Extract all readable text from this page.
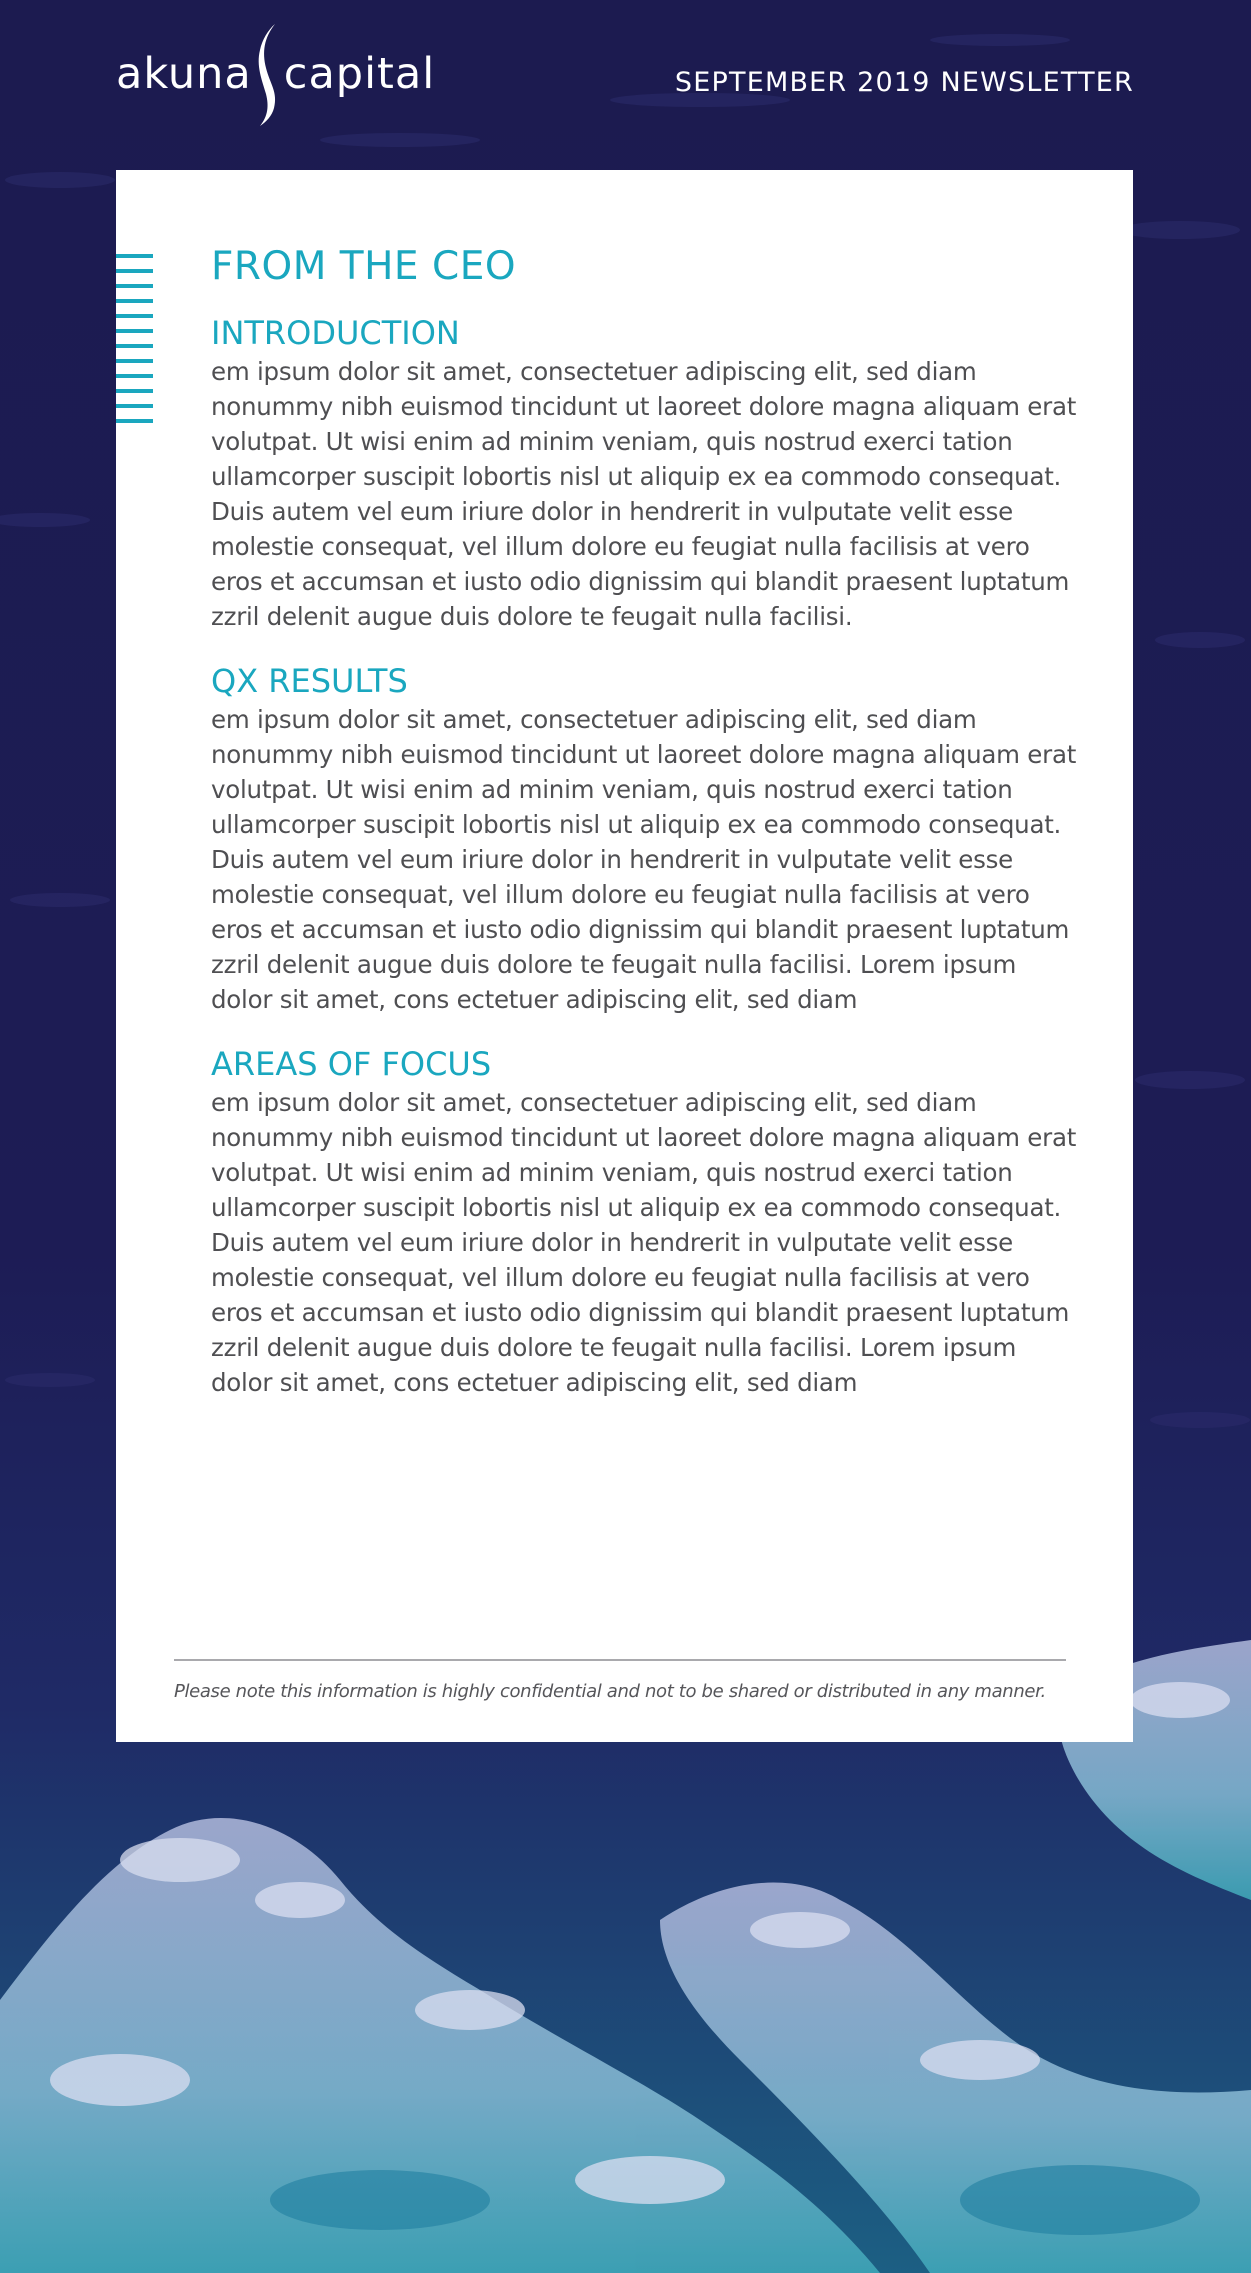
akuna capital	SEPTEMBER 2019 NEWSLETTER
FROM THE CEO
INTRODUCTION

em ipsum dolor sit amet, consectetuer adipiscing elit, sed diam nonummy nibh euismod tincidunt ut laoreet dolore magna aliquam erat volutpat. Ut wisi enim ad minim veniam, quis nostrud exerci tation ullamcorper suscipit lobortis nisl ut aliquip ex ea commodo consequat. Duis autem vel eum iriure dolor in hendrerit in vulputate velit esse molestie consequat, vel illum dolore eu feugiat nulla facilisis at vero eros et accumsan et iusto odio dignissim qui blandit praesent luptatum zzril delenit augue duis dolore te feugait nulla facilisi.

QX RESULTS

em ipsum dolor sit amet, consectetuer adipiscing elit, sed diam nonummy nibh euismod tincidunt ut laoreet dolore magna aliquam erat volutpat. Ut wisi enim ad minim veniam, quis nostrud exerci tation ullamcorper suscipit lobortis nisl ut aliquip ex ea commodo consequat. Duis autem vel eum iriure dolor in hendrerit in vulputate velit esse molestie consequat, vel illum dolore eu feugiat nulla facilisis at vero eros et accumsan et iusto odio dignissim qui blandit praesent luptatum zzril delenit augue duis dolore te feugait nulla facilisi. Lorem ipsum dolor sit amet, cons ectetuer adipiscing elit, sed diam

AREAS OF FOCUS

em ipsum dolor sit amet, consectetuer adipiscing elit, sed diam nonummy nibh euismod tincidunt ut laoreet dolore magna aliquam erat volutpat. Ut wisi enim ad minim veniam, quis nostrud exerci tation ullamcorper suscipit lobortis nisl ut aliquip ex ea commodo consequat. Duis autem vel eum iriure dolor in hendrerit in vulputate velit esse molestie consequat, vel illum dolore eu feugiat nulla facilisis at vero eros et accumsan et iusto odio dignissim qui blandit praesent luptatum zzril delenit augue duis dolore te feugait nulla facilisi. Lorem ipsum dolor sit amet, cons ectetuer adipiscing elit, sed diam

Please note this information is highly confidential and not to be shared or distributed in any manner.
